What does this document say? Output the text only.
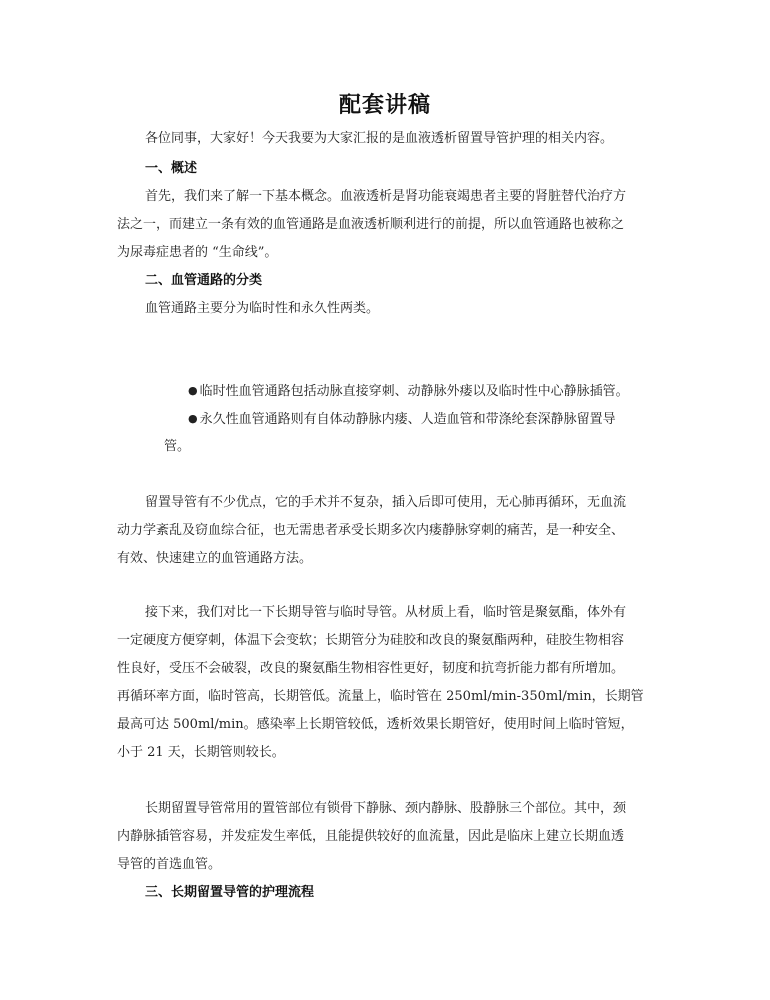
配套讲稿
各位同事，大家好！今天我要为大家汇报的是血液透析留置导管护理的相关内容。
一、概述
首先，我们来了解一下基本概念。血液透析是肾功能衰竭患者主要的肾脏替代治疗方
法之一，而建立一条有效的血管通路是血液透析顺利进行的前提，所以血管通路也被称之
为尿毒症患者的 “生命线”。
二、血管通路的分类
血管通路主要分为临时性和永久性两类。
● 临时性血管通路包括动脉直接穿刺、动静脉外瘘以及临时性中心静脉插管。
● 永久性血管通路则有自体动静脉内瘘、人造血管和带涤纶套深静脉留置导
管。
留置导管有不少优点，它的手术并不复杂，插入后即可使用，无心肺再循环，无血流
动力学紊乱及窃血综合征，也无需患者承受长期多次内瘘静脉穿刺的痛苦，是一种安全、
有效、快速建立的血管通路方法。
接下来，我们对比一下长期导管与临时导管。从材质上看，临时管是聚氨酯，体外有
一定硬度方便穿刺，体温下会变软；长期管分为硅胶和改良的聚氨酯两种，硅胶生物相容
性良好，受压不会破裂，改良的聚氨酯生物相容性更好，韧度和抗弯折能力都有所增加。
再循环率方面，临时管高，长期管低。流量上，临时管在 250ml/min-350ml/min，长期管
最高可达 500ml/min。感染率上长期管较低，透析效果长期管好，使用时间上临时管短，
小于 21 天，长期管则较长。
长期留置导管常用的置管部位有锁骨下静脉、颈内静脉、股静脉三个部位。其中，颈
内静脉插管容易，并发症发生率低，且能提供较好的血流量，因此是临床上建立长期血透
导管的首选血管。
三、长期留置导管的护理流程
